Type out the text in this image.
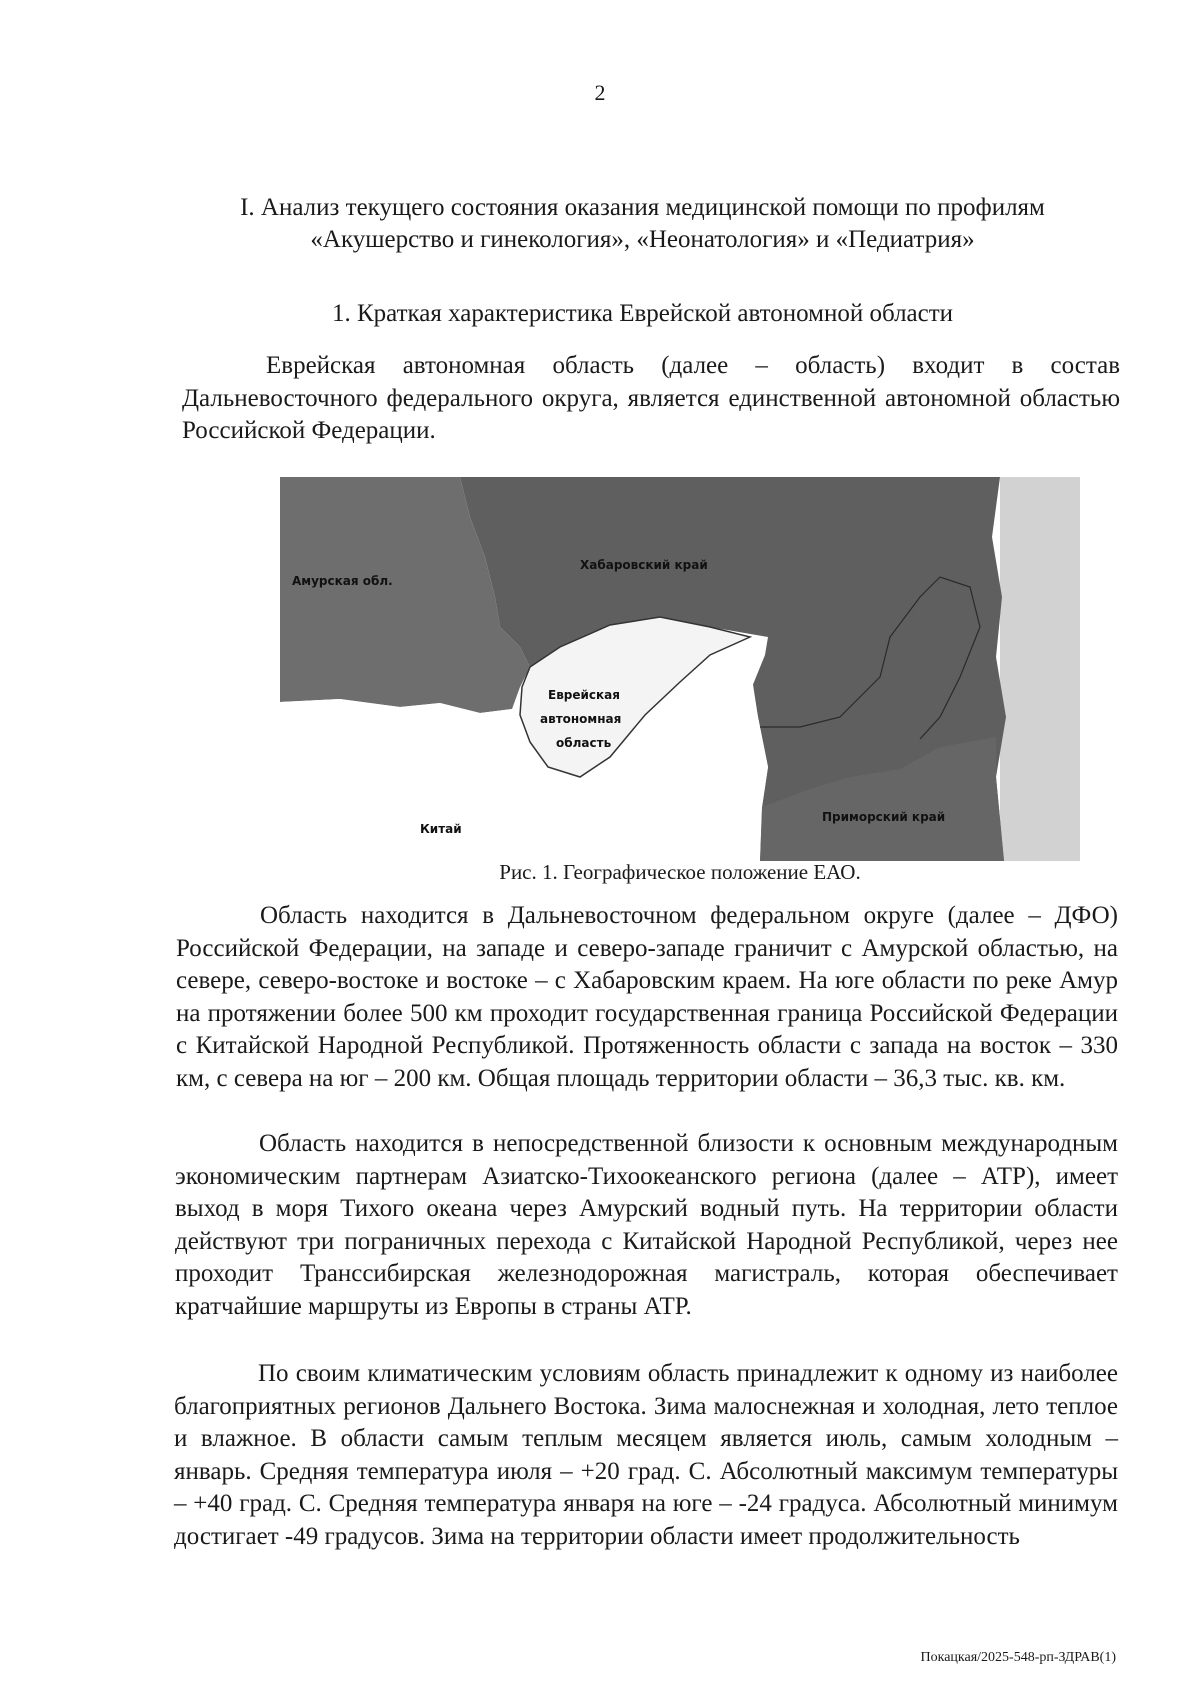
2
I. Анализ текущего состояния оказания медицинской помощи по профилям
«Акушерство и гинекология», «Неонатология» и «Педиатрия»
1. Краткая характеристика Еврейской автономной области

Еврейская автономная область (далее – область) входит в состав Дальневосточного федерального округа, является единственной автономной областью Российской Федерации.

Амурская обл.
Хабаровский край
Еврейская
автономная
область
Китай
Приморский край
Рис. 1. Географическое положение ЕАО.

Область находится в Дальневосточном федеральном округе (далее – ДФО) Российской Федерации, на западе и северо-западе граничит с Амурской областью, на севере, северо-востоке и востоке – с Хабаровским краем. На юге области по реке Амур на протяжении более 500 км проходит государственная граница Российской Федерации с Китайской Народной Республикой. Протяженность области с запада на восток – 330 км, с севера на юг – 200 км. Общая площадь территории области – 36,3 тыс. кв. км.

Область находится в непосредственной близости к основным международным экономическим партнерам Азиатско-Тихоокеанского региона (далее – АТР), имеет выход в моря Тихого океана через Амурский водный путь. На территории области действуют три пограничных перехода с Китайской Народной Республикой, через нее проходит Транссибирская железнодорожная магистраль, которая обеспечивает кратчайшие маршруты из Европы в страны АТР.

По своим климатическим условиям область принадлежит к одному из наиболее благоприятных регионов Дальнего Востока. Зима малоснежная и холодная, лето теплое и влажное. В области самым теплым месяцем является июль, самым холодным – январь. Средняя температура июля – +20 град. С. Абсолютный максимум температуры – +40 град. С. Средняя температура января на юге – -24 градуса. Абсолютный минимум достигает -49 градусов. Зима на территории области имеет продолжительность

Покацкая/2025-548-рп-ЗДРАВ(1)
